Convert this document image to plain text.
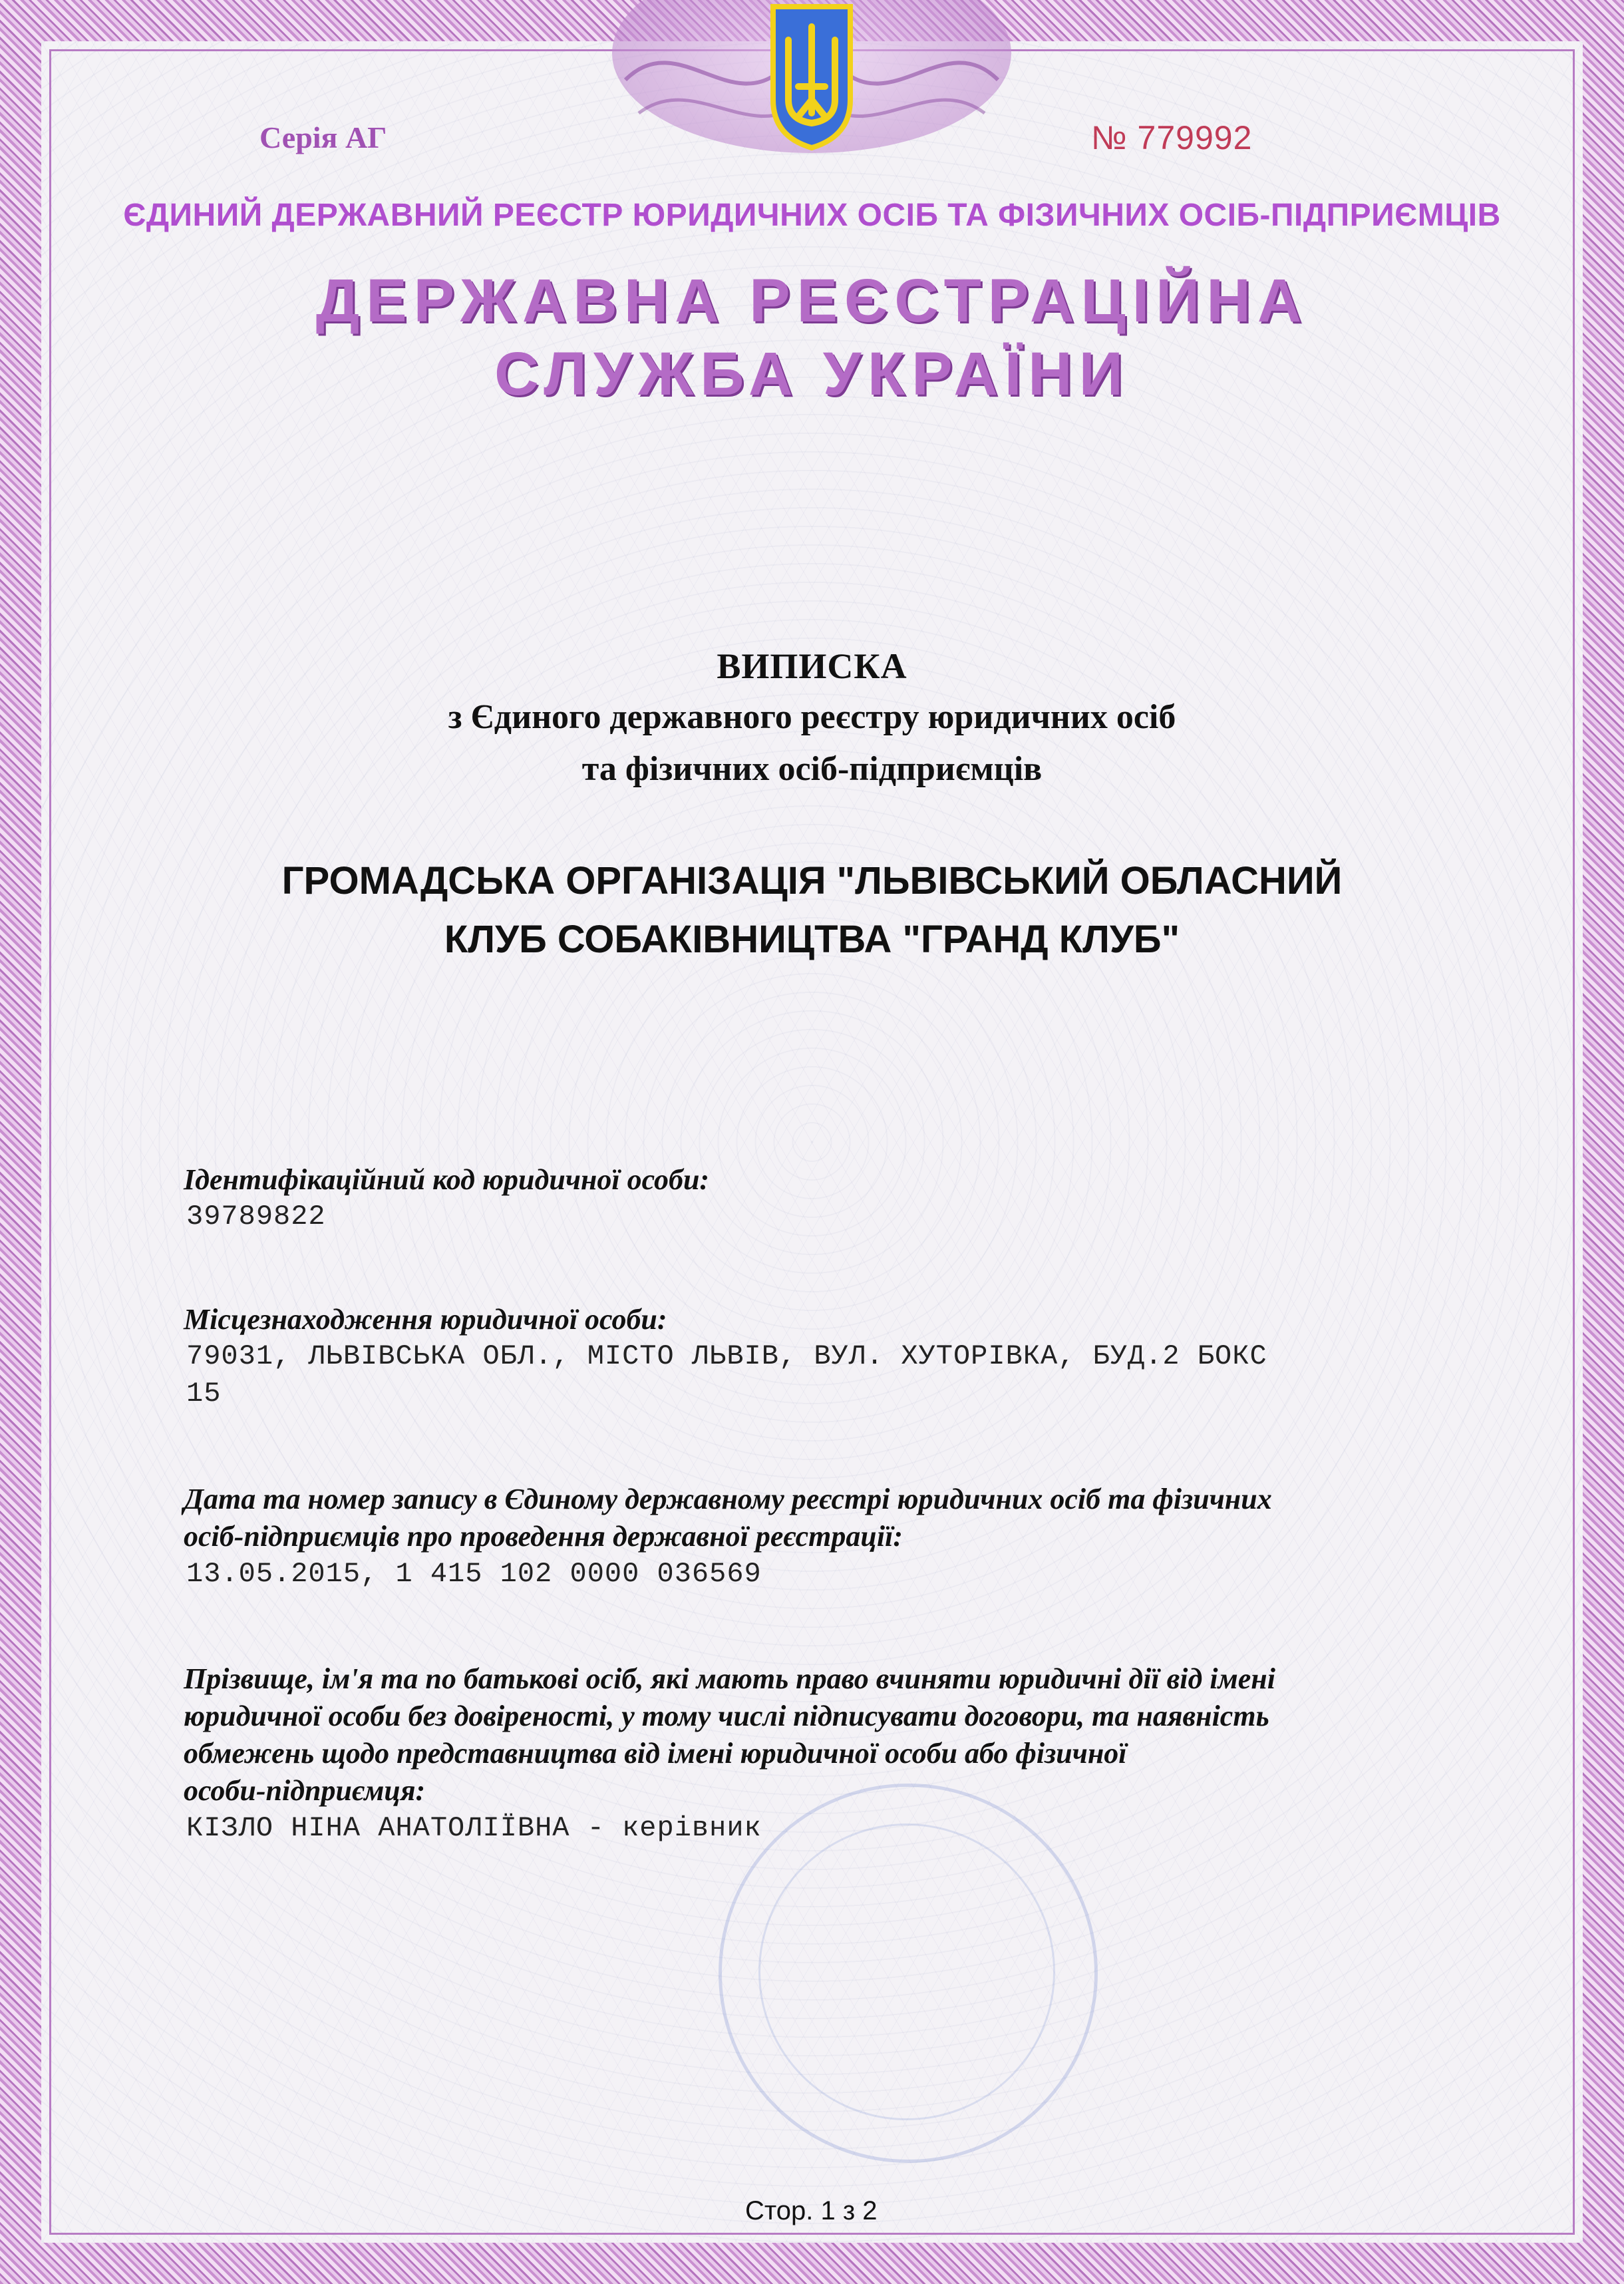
Серія АГ	№ 779992
ЄДИНИЙ ДЕРЖАВНИЙ РЕЄСТР ЮРИДИЧНИХ ОСІБ ТА ФІЗИЧНИХ ОСІБ-ПІДПРИЄМЦІВ
ДЕРЖАВНА РЕЄСТРАЦІЙНА
СЛУЖБА УКРАЇНИ
ВИПИСКА
з Єдиного державного реєстру юридичних осіб
та фізичних осіб-підприємців
ГРОМАДСЬКА ОРГАНІЗАЦІЯ "ЛЬВІВСЬКИЙ ОБЛАСНИЙ
КЛУБ СОБАКІВНИЦТВА "ГРАНД КЛУБ"
Ідентифікаційний код юридичної особи:
39789822
Місцезнаходження юридичної особи:
79031, ЛЬВІВСЬКА ОБЛ., МІСТО ЛЬВІВ, ВУЛ. ХУТОРІВКА, БУД.2 БОКС
15
Дата та номер запису в Єдиному державному реєстрі юридичних осіб та фізичних
осіб-підприємців про проведення державної реєстрації:
13.05.2015, 1 415 102 0000 036569
Прізвище, ім'я та по батькові осіб, які мають право вчиняти юридичні дії від імені
юридичної особи без довіреності, у тому числі підписувати договори, та наявність
обмежень щодо представництва від імені юридичної особи або фізичної
особи-підприємця:
КІЗЛО НІНА АНАТОЛІЇВНА - керівник
Стор. 1 з 2
